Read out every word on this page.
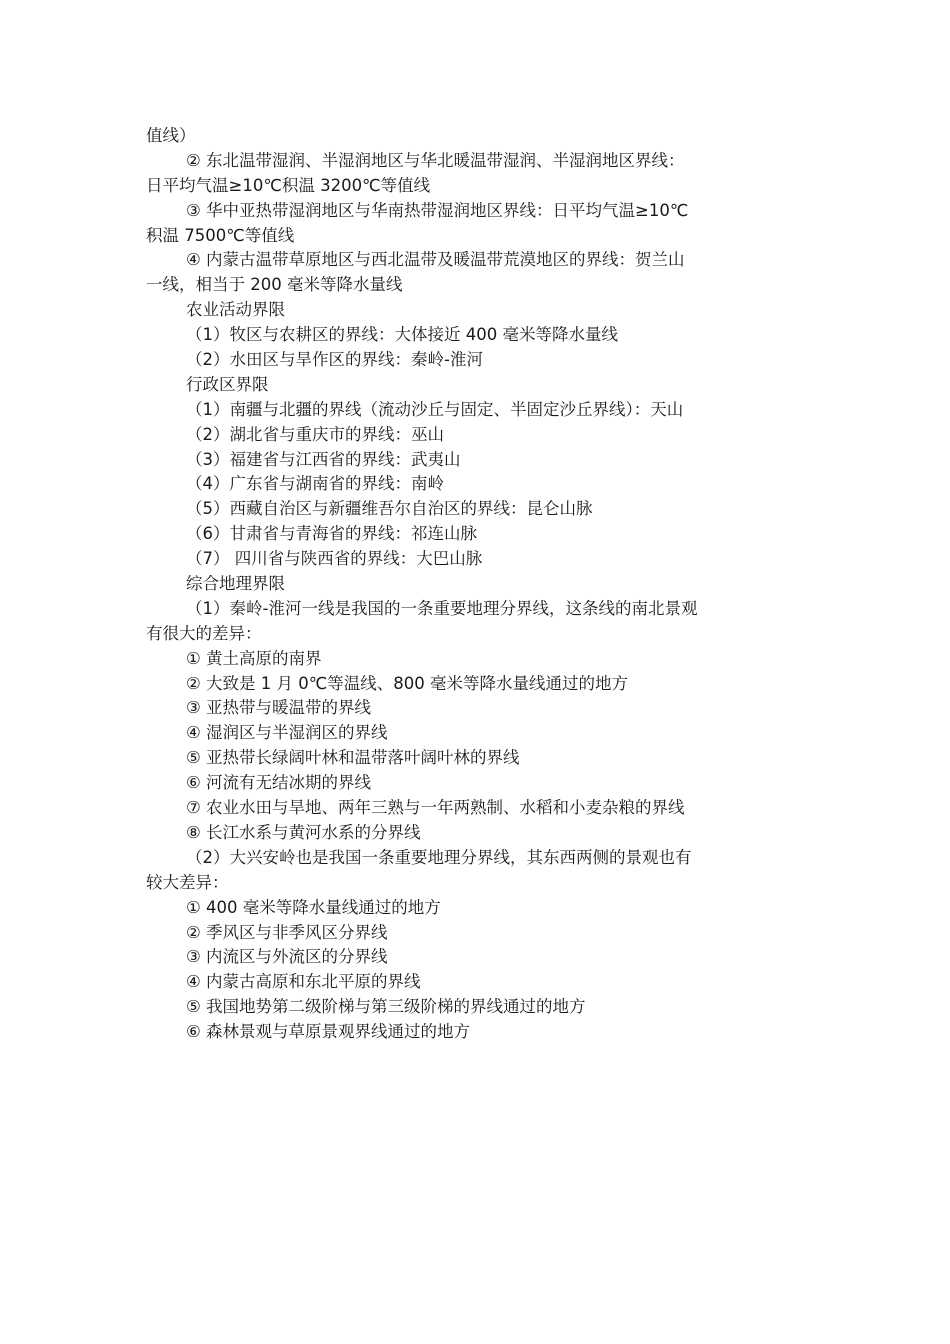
值线）
② 东北温带湿润、半湿润地区与华北暖温带湿润、半湿润地区界线：
日平均气温≥10℃积温 3200℃等值线
③ 华中亚热带湿润地区与华南热带湿润地区界线：日平均气温≥10℃
积温 7500℃等值线
④ 内蒙古温带草原地区与西北温带及暖温带荒漠地区的界线：贺兰山
一线，相当于 200 毫米等降水量线
农业活动界限
（1）牧区与农耕区的界线：大体接近 400 毫米等降水量线
（2）水田区与旱作区的界线：秦岭-淮河
行政区界限
（1）南疆与北疆的界线（流动沙丘与固定、半固定沙丘界线）：天山
（2）湖北省与重庆市的界线：巫山
（3）福建省与江西省的界线：武夷山
（4）广东省与湖南省的界线：南岭
（5）西藏自治区与新疆维吾尔自治区的界线：昆仑山脉
（6）甘肃省与青海省的界线：祁连山脉
（7） 四川省与陕西省的界线：大巴山脉
综合地理界限
（1）秦岭-淮河一线是我国的一条重要地理分界线，这条线的南北景观
有很大的差异：
① 黄土高原的南界
② 大致是 1 月 0℃等温线、800 毫米等降水量线通过的地方
③ 亚热带与暖温带的界线
④ 湿润区与半湿润区的界线
⑤ 亚热带长绿阔叶林和温带落叶阔叶林的界线
⑥ 河流有无结冰期的界线
⑦ 农业水田与旱地、两年三熟与一年两熟制、水稻和小麦杂粮的界线
⑧ 长江水系与黄河水系的分界线
（2）大兴安岭也是我国一条重要地理分界线，其东西两侧的景观也有
较大差异：
① 400 毫米等降水量线通过的地方
② 季风区与非季风区分界线
③ 内流区与外流区的分界线
④ 内蒙古高原和东北平原的界线
⑤ 我国地势第二级阶梯与第三级阶梯的界线通过的地方
⑥ 森林景观与草原景观界线通过的地方
